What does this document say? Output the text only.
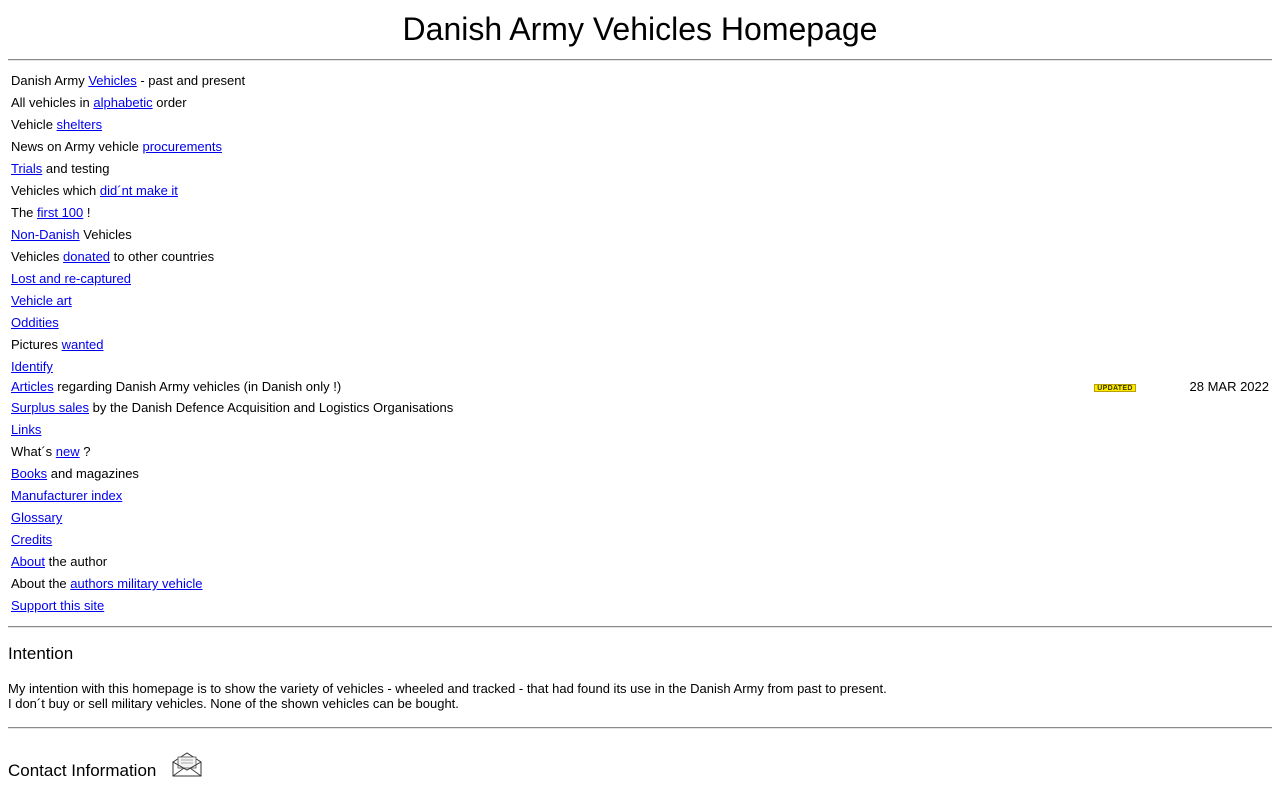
Danish Army Vehicles Homepage
Danish Army Vehicles - past and present
All vehicles in alphabetic order
Vehicle shelters
News on Army vehicle procurements
Trials and testing
Vehicles which did´nt make it
The first 100 !
Non-Danish Vehicles
Vehicles donated to other countries
Lost and re-captured
Vehicle art
Oddities
Pictures wanted
Identify
Articles regarding Danish Army vehicles (in Danish only !)	UPDATED	28 MAR 2022
Surplus sales by the Danish Defence Acquisition and Logistics Organisations
Links
What´s new ?
Books and magazines
Manufacturer index
Glossary
Credits
About the author
About the authors military vehicle
Support this site
Intention
My intention with this homepage is to show the variety of vehicles - wheeled and tracked - that had found its use in the Danish Army from past to present.
I don´t buy or sell military vehicles. None of the shown vehicles can be bought.
Contact Information
